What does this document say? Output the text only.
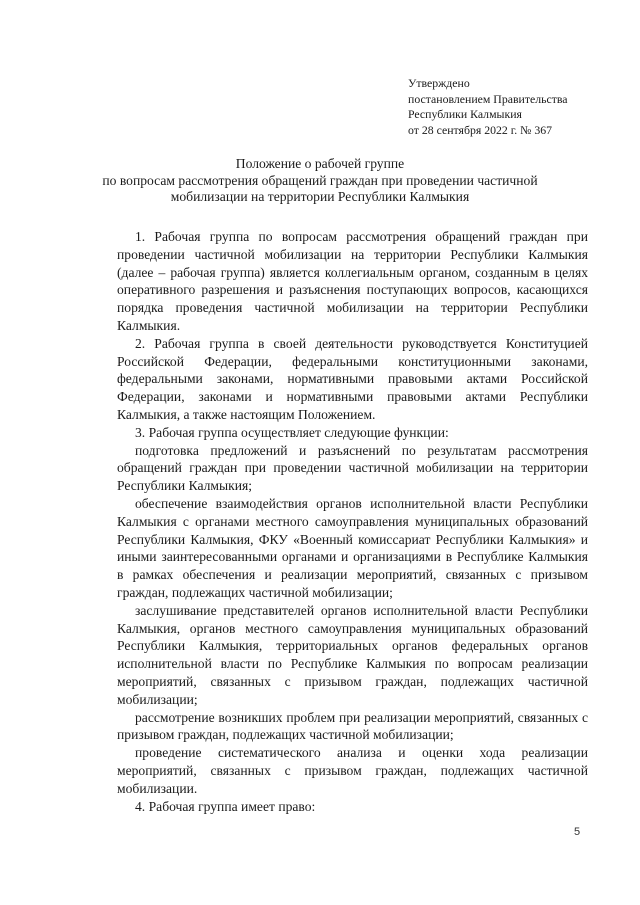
Утверждено
постановлением Правительства
Республики Калмыкия
от 28 сентября 2022 г. № 367
Положение о рабочей группе
по вопросам рассмотрения обращений граждан при проведении частичной
мобилизации на территории Республики Калмыкия

1. Рабочая группа по вопросам рассмотрения обращений граждан при проведении частичной мобилизации на территории Республики Калмыкия (далее – рабочая группа) является коллегиальным органом, созданным в целях оперативного разрешения и разъяснения поступающих вопросов, касающихся порядка проведения частичной мобилизации на территории Республики Калмыкия.

2. Рабочая группа в своей деятельности руководствуется Конституцией Российской Федерации, федеральными конституционными законами, федеральными законами, нормативными правовыми актами Российской Федерации, законами и нормативными правовыми актами Республики Калмыкия, а также настоящим Положением.

3. Рабочая группа осуществляет следующие функции:

подготовка предложений и разъяснений по результатам рассмотрения обращений граждан при проведении частичной мобилизации на территории Республики Калмыкия;

обеспечение взаимодействия органов исполнительной власти Республики Калмыкия с органами местного самоуправления муниципальных образований Республики Калмыкия, ФКУ «Военный комиссариат Республики Калмыкия» и иными заинтересованными органами и организациями в Республике Калмыкия в рамках обеспечения и реализации мероприятий, связанных с призывом граждан, подлежащих частичной мобилизации;

заслушивание представителей органов исполнительной власти Республики Калмыкия, органов местного самоуправления муниципальных образований Республики Калмыкия, территориальных органов федеральных органов исполнительной власти по Республике Калмыкия по вопросам реализации мероприятий, связанных с призывом граждан, подлежащих частичной мобилизации;

рассмотрение возникших проблем при реализации мероприятий, связанных с призывом граждан, подлежащих частичной мобилизации;

проведение систематического анализа и оценки хода реализации мероприятий, связанных с призывом граждан, подлежащих частичной мобилизации.

4. Рабочая группа имеет право:

5
